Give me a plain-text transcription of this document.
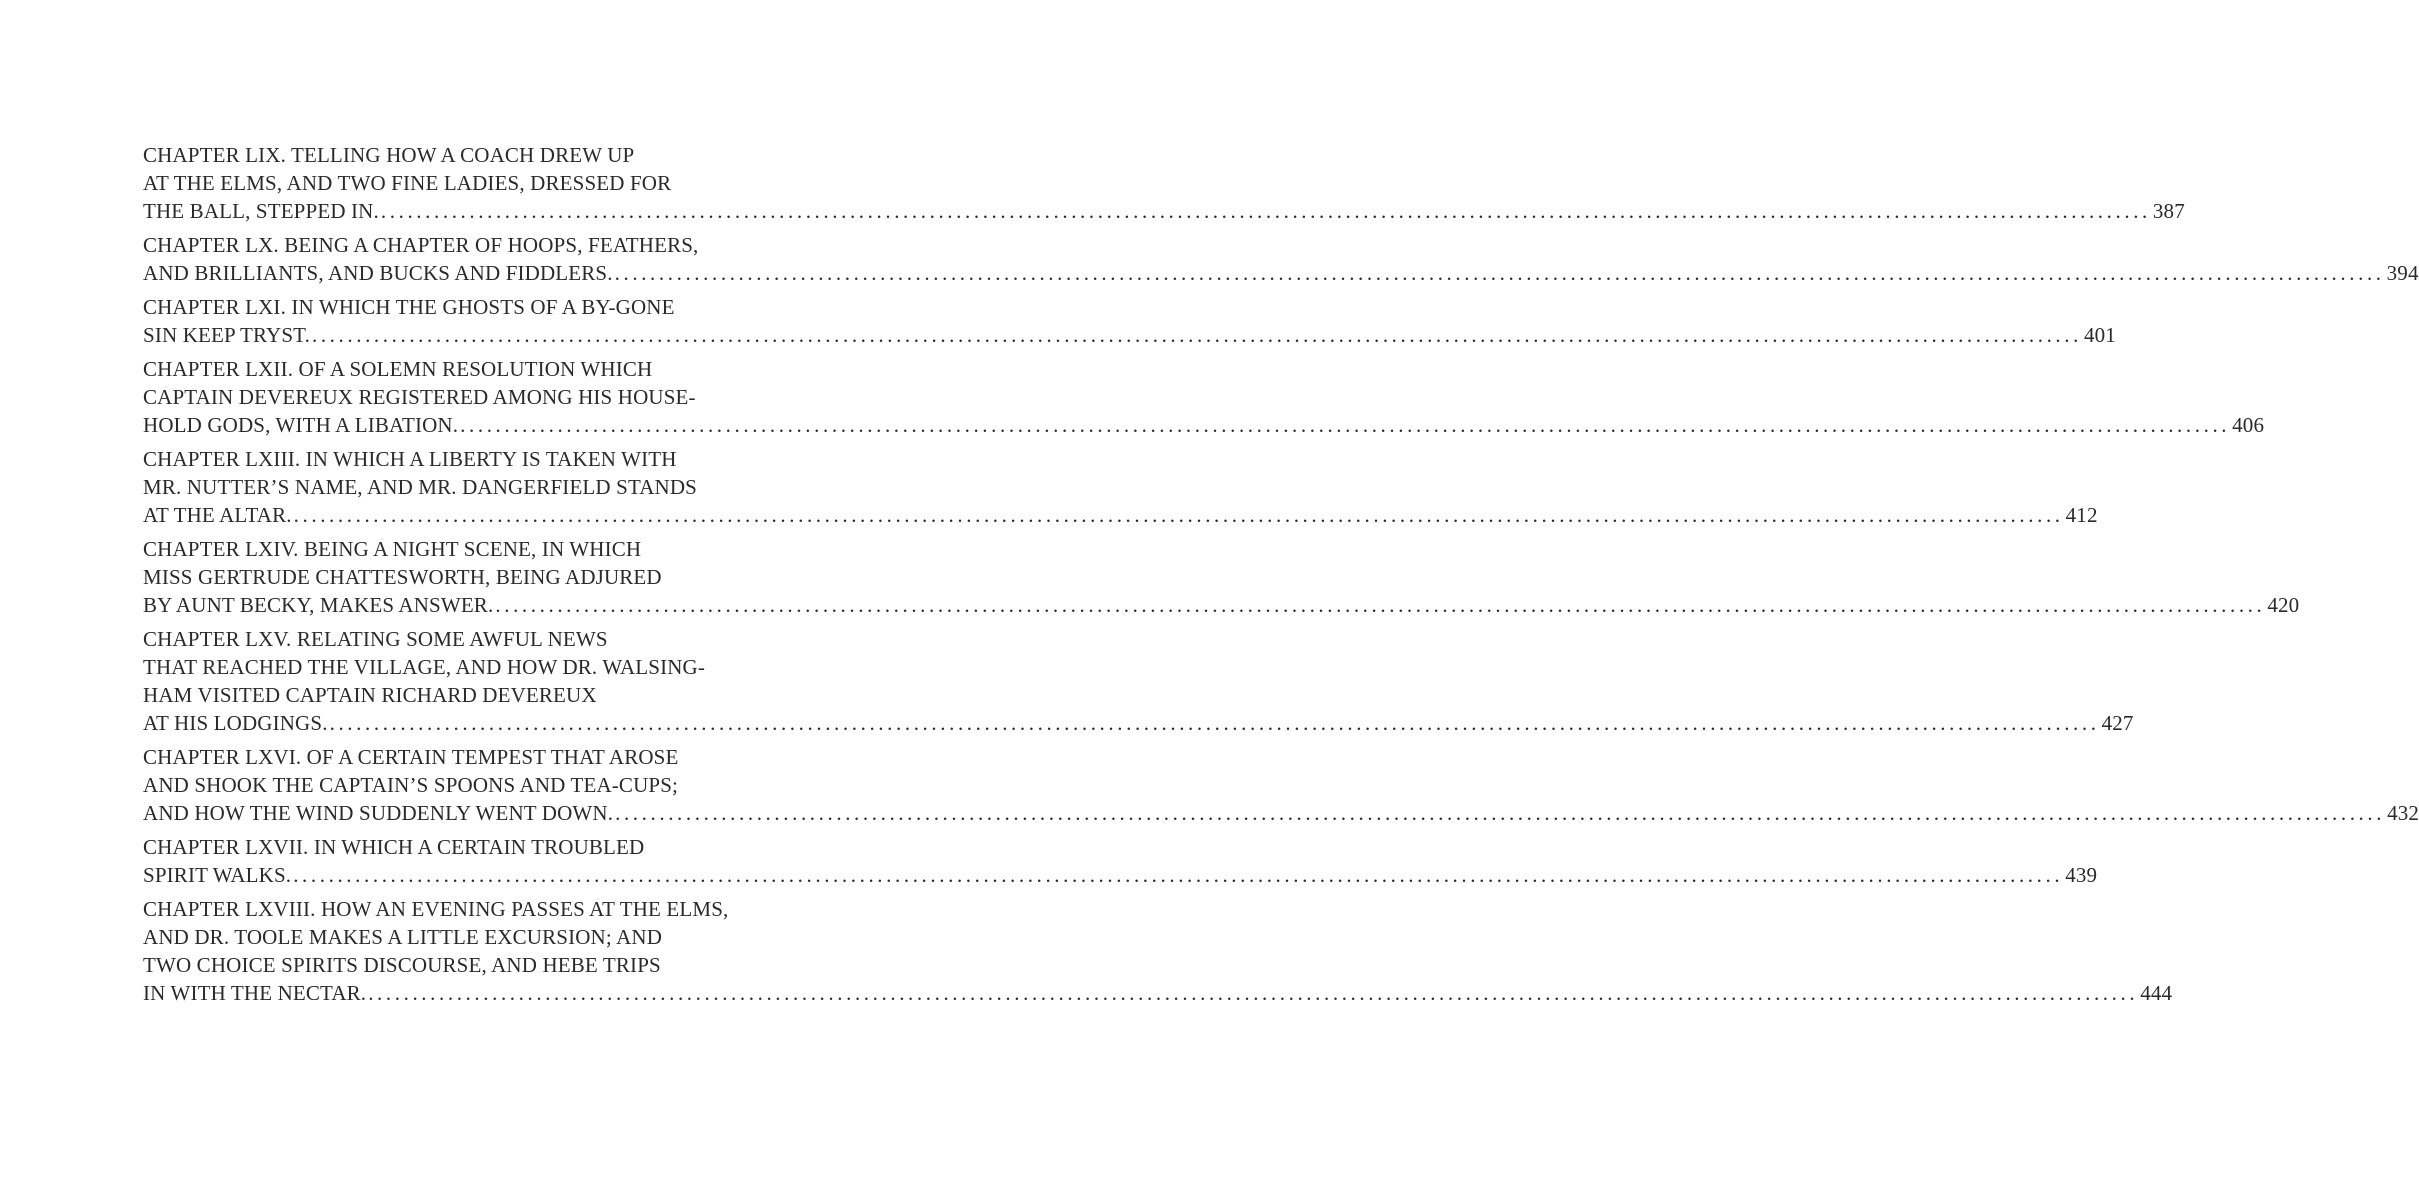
CHAPTER LIX. TELLING HOW A COACH DREW UP
AT THE ELMS, AND TWO FINE LADIES, DRESSED FOR
THE BALL, STEPPED IN. ........................................................................................................................................................................................................ 387
CHAPTER LX. BEING A CHAPTER OF HOOPS, FEATHERS,
AND BRILLIANTS, AND BUCKS AND FIDDLERS. ........................................................................................................................................................................................................ 394
CHAPTER LXI. IN WHICH THE GHOSTS OF A BY-GONE
SIN KEEP TRYST. ........................................................................................................................................................................................................ 401
CHAPTER LXII. OF A SOLEMN RESOLUTION WHICH
CAPTAIN DEVEREUX REGISTERED AMONG HIS HOUSE-
HOLD GODS, WITH A LIBATION. ........................................................................................................................................................................................................ 406
CHAPTER LXIII. IN WHICH A LIBERTY IS TAKEN WITH
MR. NUTTER’S NAME, AND MR. DANGERFIELD STANDS
AT THE ALTAR. ........................................................................................................................................................................................................ 412
CHAPTER LXIV. BEING A NIGHT SCENE, IN WHICH
MISS GERTRUDE CHATTESWORTH, BEING ADJURED
BY AUNT BECKY, MAKES ANSWER. ........................................................................................................................................................................................................ 420
CHAPTER LXV. RELATING SOME AWFUL NEWS
THAT REACHED THE VILLAGE, AND HOW DR. WALSING-
HAM VISITED CAPTAIN RICHARD DEVEREUX
AT HIS LODGINGS. ........................................................................................................................................................................................................ 427
CHAPTER LXVI. OF A CERTAIN TEMPEST THAT AROSE
AND SHOOK THE CAPTAIN’S SPOONS AND TEA-CUPS;
AND HOW THE WIND SUDDENLY WENT DOWN. ........................................................................................................................................................................................................ 432
CHAPTER LXVII. IN WHICH A CERTAIN TROUBLED
SPIRIT WALKS. ........................................................................................................................................................................................................ 439
CHAPTER LXVIII. HOW AN EVENING PASSES AT THE ELMS,
AND DR. TOOLE MAKES A LITTLE EXCURSION; AND
TWO CHOICE SPIRITS DISCOURSE, AND HEBE TRIPS
IN WITH THE NECTAR. ........................................................................................................................................................................................................ 444
